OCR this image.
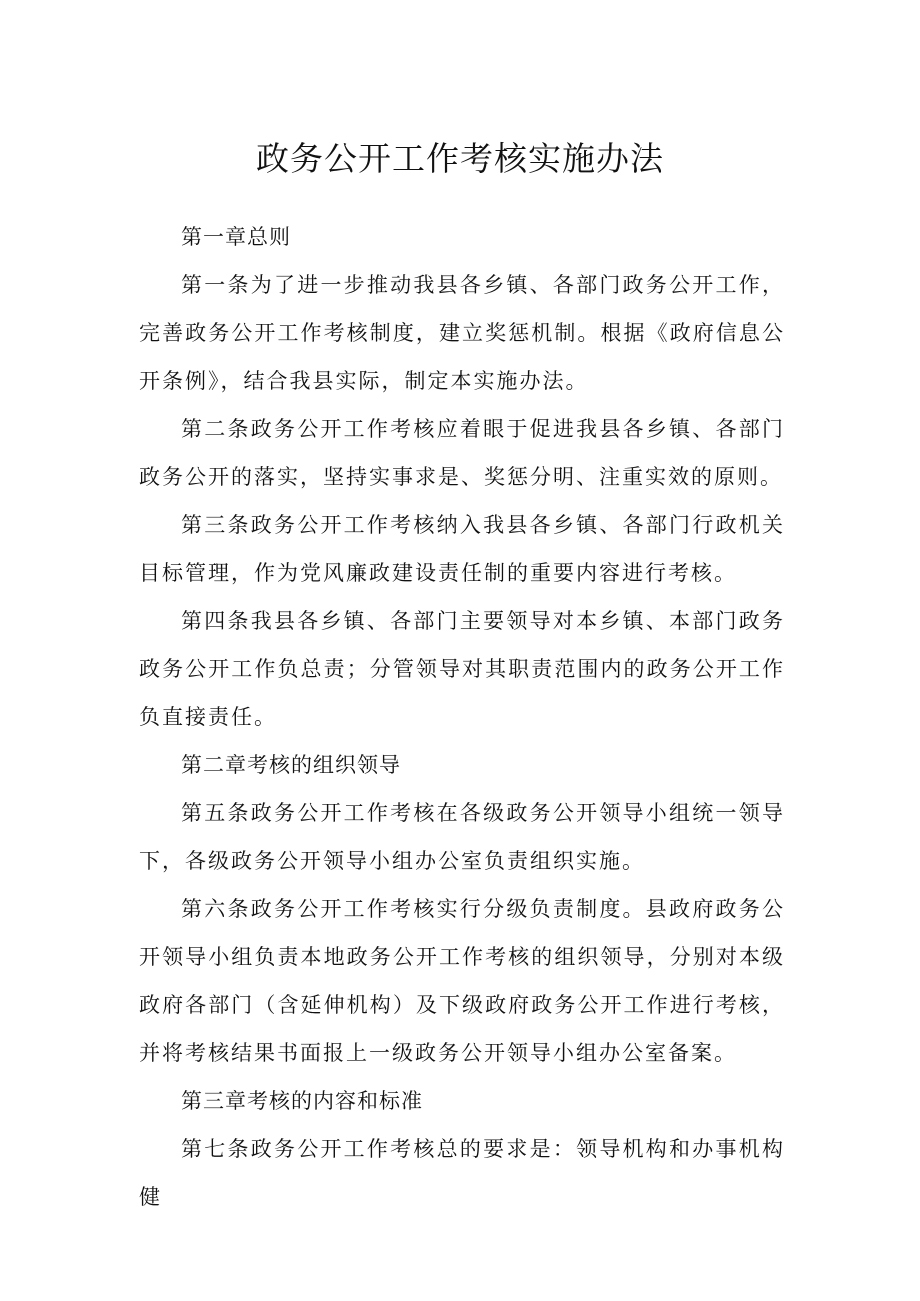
政务公开工作考核实施办法

第一章总则

第一条为了进一步推动我县各乡镇、各部门政务公开工作，完善政务公开工作考核制度，建立奖惩机制。根据《政府信息公开条例》，结合我县实际，制定本实施办法。

第二条政务公开工作考核应着眼于促进我县各乡镇、各部门政务公开的落实，坚持实事求是、奖惩分明、注重实效的原则。

第三条政务公开工作考核纳入我县各乡镇、各部门行政机关目标管理，作为党风廉政建设责任制的重要内容进行考核。

第四条我县各乡镇、各部门主要领导对本乡镇、本部门政务政务公开工作负总责；分管领导对其职责范围内的政务公开工作负直接责任。

第二章考核的组织领导

第五条政务公开工作考核在各级政务公开领导小组统一领导下，各级政务公开领导小组办公室负责组织实施。

第六条政务公开工作考核实行分级负责制度。县政府政务公开领导小组负责本地政务公开工作考核的组织领导，分别对本级政府各部门（含延伸机构）及下级政府政务公开工作进行考核，并将考核结果书面报上一级政务公开领导小组办公室备案。

第三章考核的内容和标准

第七条政务公开工作考核总的要求是：领导机构和办事机构健
